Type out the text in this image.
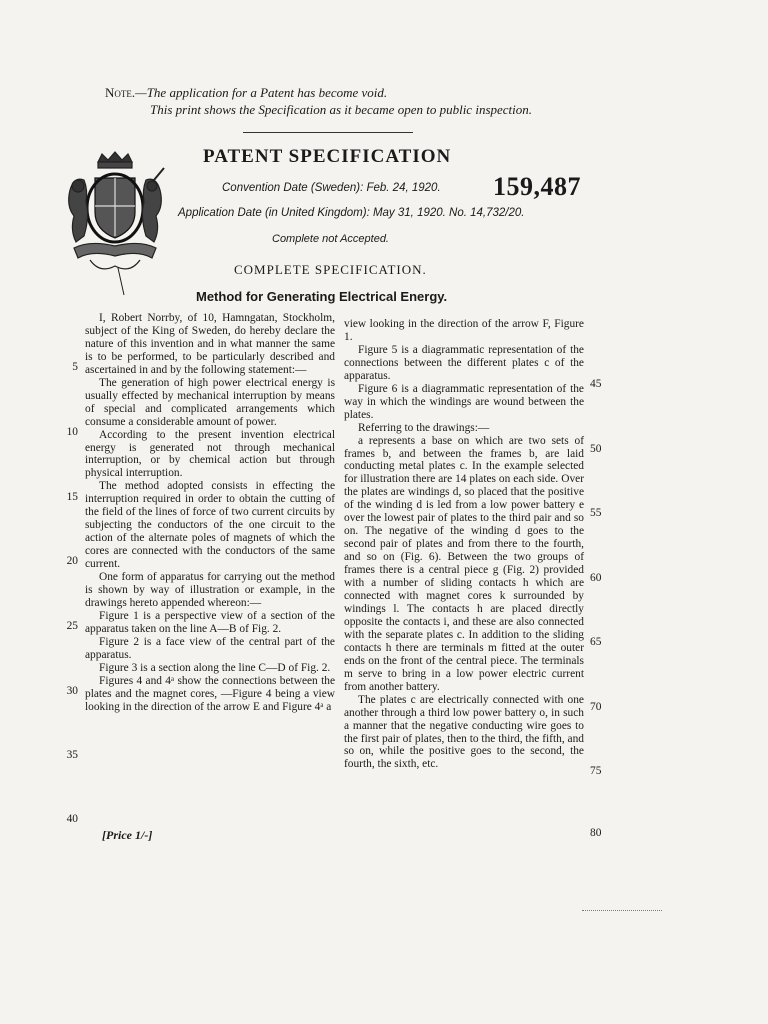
Note.—The application for a Patent has become void.
This print shows the Specification as it became open to public inspection.
PATENT SPECIFICATION
159,487
Convention Date (Sweden): Feb. 24, 1920.
Application Date (in United Kingdom): May 31, 1920. No. 14,732/20.
Complete not Accepted.
COMPLETE SPECIFICATION.
Method for Generating Electrical Energy.

I, Robert Norrby, of 10, Hamngatan, Stockholm, subject of the King of Sweden, do hereby declare the nature of this invention and in what manner the same is to be performed, to be particularly described and ascertained in and by the following statement:—

The generation of high power electrical energy is usually effected by mechanical interruption by means of special and complicated arrangements which consume a considerable amount of power.

According to the present invention electrical energy is generated not through mechanical interruption, or by chemical action but through physical interruption.

The method adopted consists in effecting the interruption required in order to obtain the cutting of the field of the lines of force of two current circuits by subjecting the conductors of the one circuit to the action of the alternate poles of magnets of which the cores are connected with the conductors of the same current.

One form of apparatus for carrying out the method is shown by way of illustration or example, in the drawings hereto appended whereon:—

Figure 1 is a perspective view of a section of the apparatus taken on the line A—B of Fig. 2.

Figure 2 is a face view of the central part of the apparatus.

Figure 3 is a section along the line C—D of Fig. 2.

Figures 4 and 4ᵃ show the connections between the plates and the magnet cores, —Figure 4 being a view looking in the direction of the arrow E and Figure 4ᵃ a

5
10
15
20
25
30
35
40

view looking in the direction of the arrow F, Figure 1.

Figure 5 is a diagrammatic representation of the connections between the different plates c of the apparatus.

Figure 6 is a diagrammatic representation of the way in which the windings are wound between the plates.

Referring to the drawings:—

a represents a base on which are two sets of frames b, and between the frames b, are laid conducting metal plates c. In the example selected for illustration there are 14 plates on each side. Over the plates are windings d, so placed that the positive of the winding d is led from a low power battery e over the lowest pair of plates to the third pair and so on. The negative of the winding d goes to the second pair of plates and from there to the fourth, and so on (Fig. 6). Between the two groups of frames there is a central piece g (Fig. 2) provided with a number of sliding contacts h which are connected with magnet cores k surrounded by windings l. The contacts h are placed directly opposite the contacts i, and these are also connected with the separate plates c. In addition to the sliding contacts h there are terminals m fitted at the outer ends on the front of the central piece. The terminals m serve to bring in a low power electric current from another battery.

The plates c are electrically connected with one another through a third low power battery o, in such a manner that the negative conducting wire goes to the first pair of plates, then to the third, the fifth, and so on, while the positive goes to the second, the fourth, the sixth, etc.

45
50
55
60
65
70
75
80
[Price 1/-]
